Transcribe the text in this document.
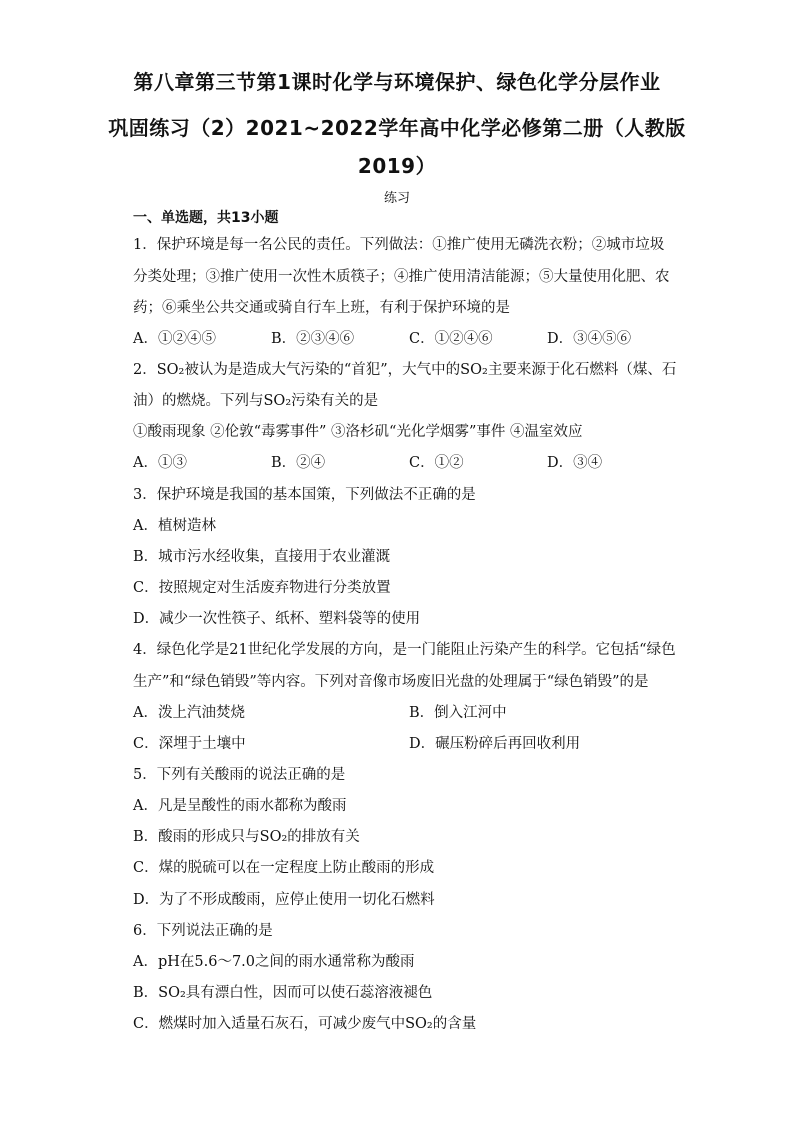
第八章第三节第1课时化学与环境保护、绿色化学分层作业
巩固练习（2）2021~2022学年高中化学必修第二册（人教版
2019）
练习
一、单选题，共13小题
1．保护环境是每一名公民的责任。下列做法：①推广使用无磷洗衣粉；②城市垃圾
分类处理；③推广使用一次性木质筷子；④推广使用清洁能源；⑤大量使用化肥、农
药；⑥乘坐公共交通或骑自行车上班，有利于保护环境的是
A．①②④⑤	B．②③④⑥	C．①②④⑥	D．③④⑤⑥
2．SO₂被认为是造成大气污染的“首犯”，大气中的SO₂主要来源于化石燃料（煤、石
油）的燃烧。下列与SO₂污染有关的是
①酸雨现象 ②伦敦“毒雾事件” ③洛杉矶“光化学烟雾”事件 ④温室效应
A．①③	B．②④	C．①②	D．③④
3．保护环境是我国的基本国策，下列做法不正确的是
A．植树造林
B．城市污水经收集，直接用于农业灌溉
C．按照规定对生活废弃物进行分类放置
D．减少一次性筷子、纸杯、塑料袋等的使用
4．绿色化学是21世纪化学发展的方向，是一门能阻止污染产生的科学。它包括“绿色
生产”和“绿色销毁”等内容。下列对音像市场废旧光盘的处理属于“绿色销毁”的是
A．泼上汽油焚烧	B．倒入江河中
C．深埋于土壤中	D．碾压粉碎后再回收利用
5．下列有关酸雨的说法正确的是
A．凡是呈酸性的雨水都称为酸雨
B．酸雨的形成只与SO₂的排放有关
C．煤的脱硫可以在一定程度上防止酸雨的形成
D．为了不形成酸雨，应停止使用一切化石燃料
6．下列说法正确的是
A．pH在5.6～7.0之间的雨水通常称为酸雨
B．SO₂具有漂白性，因而可以使石蕊溶液褪色
C．燃煤时加入适量石灰石，可减少废气中SO₂的含量
